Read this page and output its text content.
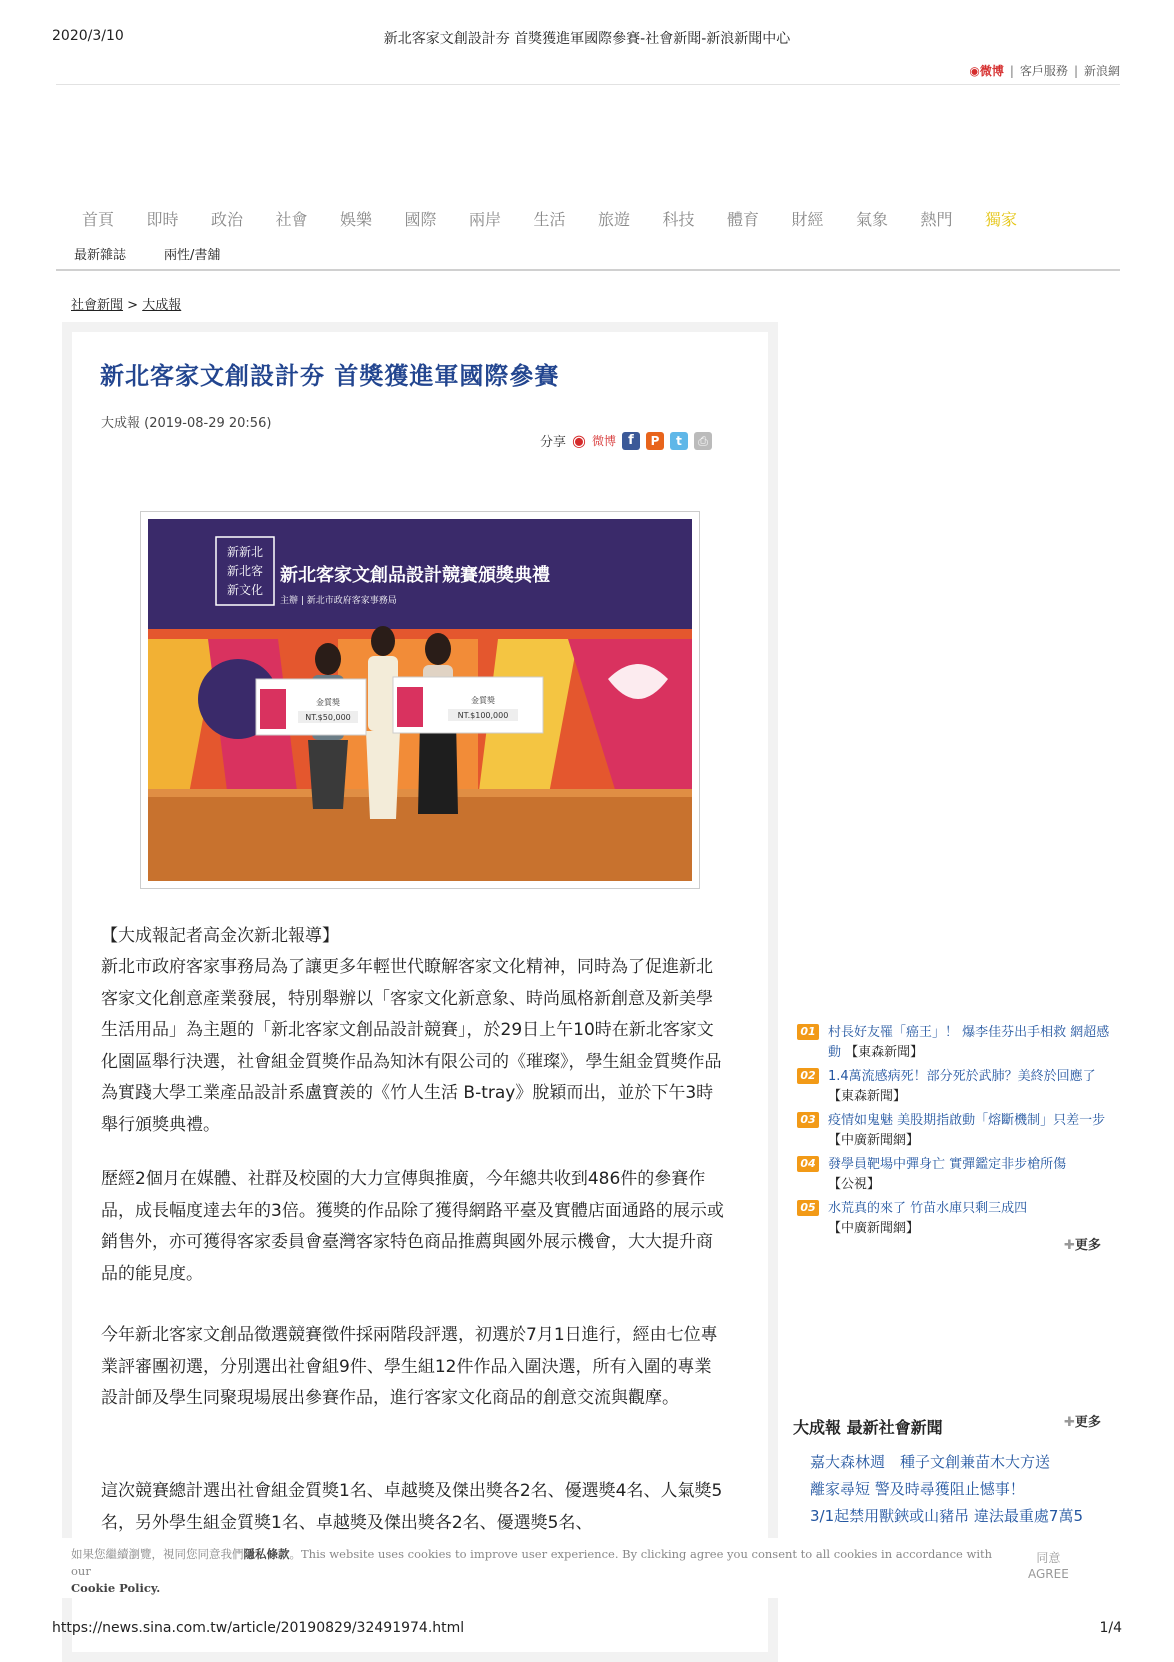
2020/3/10	新北客家文創設計夯 首獎獲進軍國際參賽-社會新聞-新浪新聞中心
◉微博 | 客戶服務 | 新浪網
首頁 即時 政治 社會 娛樂 國際 兩岸 生活 旅遊 科技 體育 財經 氣象 熱門 獨家
最新雜誌	兩性/書舖
社會新聞 > 大成報
新北客家文創設計夯 首獎獲進軍國際參賽
大成報 (2019-08-29 20:56)
分享 ◉ 微博 f	P	t	⎙
新新北
新北客
新文化
新北客家文創品設計競賽頒獎典禮
主辦 | 新北市政府客家事務局
金質獎
NT.$50,000
金質獎
NT.$100,000
【大成報記者高金次新北報導】
新北市政府客家事務局為了讓更多年輕世代瞭解客家文化精神，同時為了促進新北客家文化創意產業發展，特別舉辦以「客家文化新意象、時尚風格新創意及新美學生活用品」為主題的「新北客家文創品設計競賽」，於29日上午10時在新北客家文化園區舉行決選，社會組金質獎作品為知沐有限公司的《璀璨》，學生組金質獎作品為實踐大學工業產品設計系盧寶羨的《竹人生活 B-tray》脫穎而出，並於下午3時舉行頒獎典禮。
歷經2個月在媒體、社群及校園的大力宣傳與推廣，今年總共收到486件的參賽作品，成長幅度達去年的3倍。獲獎的作品除了獲得網路平臺及實體店面通路的展示或銷售外，亦可獲得客家委員會臺灣客家特色商品推薦與國外展示機會，大大提升商品的能見度。
今年新北客家文創品徵選競賽徵件採兩階段評選，初選於7月1日進行，經由七位專業評審團初選，分別選出社會組9件、學生組12件作品入圍決選，所有入圍的專業設計師及學生同聚現場展出參賽作品，進行客家文化商品的創意交流與觀摩。
這次競賽總計選出社會組金質獎1名、卓越獎及傑出獎各2名、優選獎4名、人氣獎5名，另外學生組金質獎1名、卓越獎及傑出獎各2名、優選獎5名、
01 村長好友罹「癌王」！ 爆李佳芬出手相救 網超感動 【東森新聞】
02 1.4萬流感病死！部分死於武肺？美終於回應了 【東森新聞】
03 疫情如鬼魅 美股期指啟動「熔斷機制」只差一步 【中廣新聞網】
04 發學員靶場中彈身亡 實彈鑑定非步槍所傷 【公視】
05 水荒真的來了 竹苗水庫只剩三成四 【中廣新聞網】
✚更多
大成報 最新社會新聞	✚更多
嘉大森林週　種子文創兼苗木大方送
離家尋短 警及時尋獲阻止憾事！
3/1起禁用獸鋏或山豬吊 違法最重處7萬5
如果您繼續瀏覽，視同您同意我們隱私條款。This website uses cookies to improve user experience. By clicking agree you consent to all cookies in accordance with our
Cookie Policy.
同意
AGREE
https://news.sina.com.tw/article/20190829/32491974.html	1/4
